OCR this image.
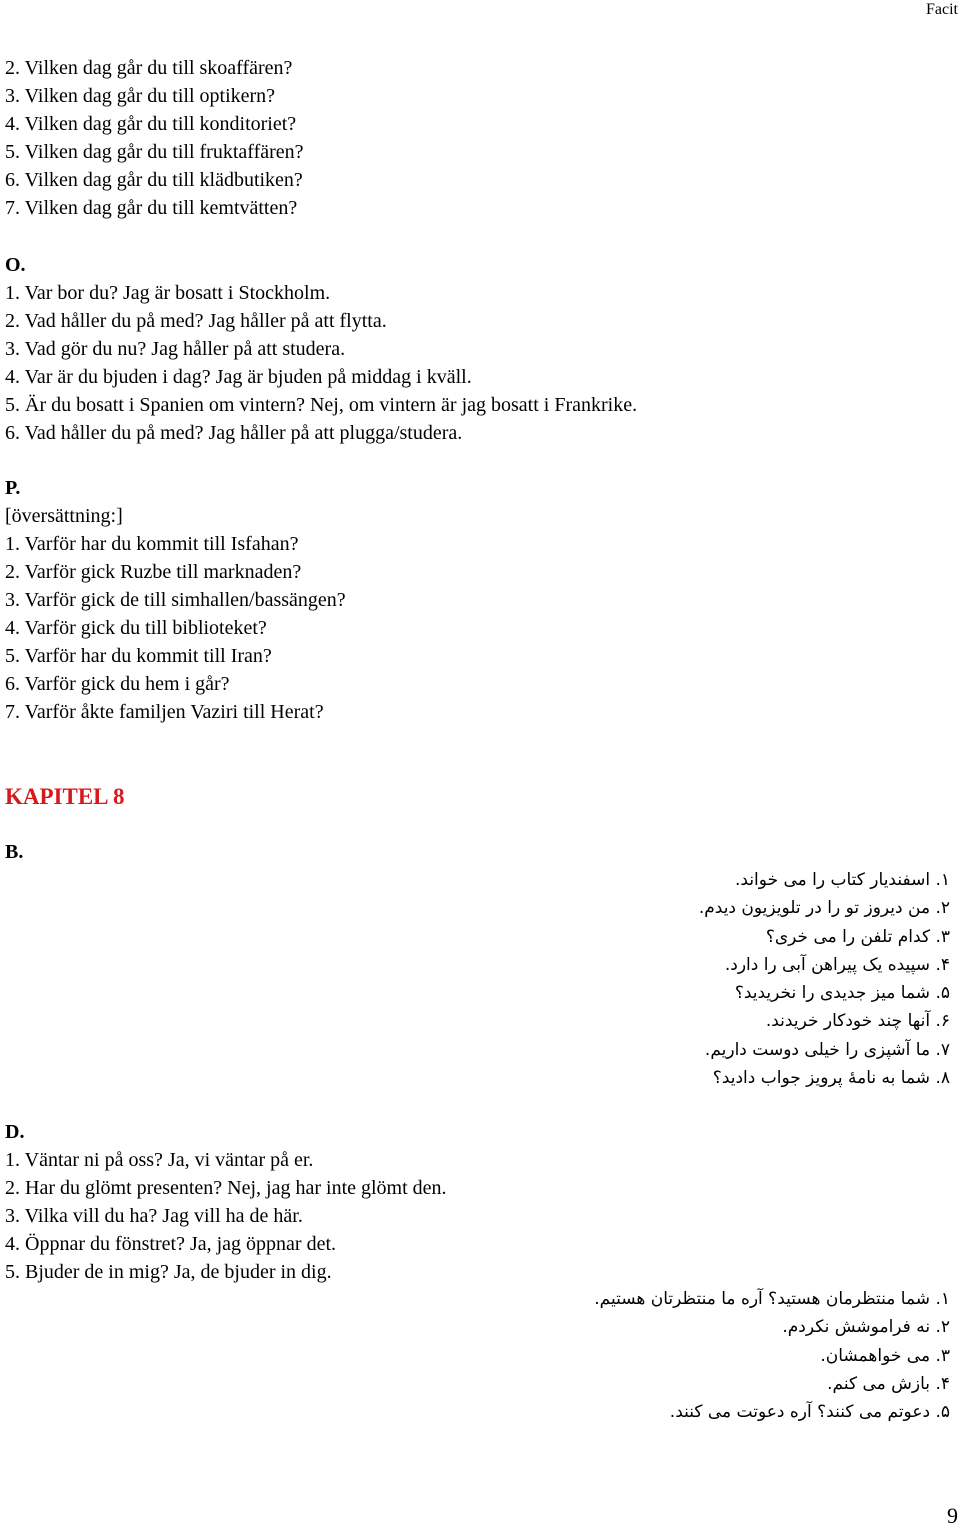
Facit
2. Vilken dag går du till skoaffären?
3. Vilken dag går du till optikern?
4. Vilken dag går du till konditoriet?
5. Vilken dag går du till fruktaffären?
6. Vilken dag går du till klädbutiken?
7. Vilken dag går du till kemtvätten?
O.
1. Var bor du? Jag är bosatt i Stockholm.
2. Vad håller du på med? Jag håller på att flytta.
3. Vad gör du nu? Jag håller på att studera.
4. Var är du bjuden i dag? Jag är bjuden på middag i kväll.
5. Är du bosatt i Spanien om vintern? Nej, om vintern är jag bosatt i Frankrike.
6. Vad håller du på med? Jag håller på att plugga/studera.
P.
[översättning:]
1. Varför har du kommit till Isfahan?
2. Varför gick Ruzbe till marknaden?
3. Varför gick de till simhallen/bassängen?
4. Varför gick du till biblioteket?
5. Varför har du kommit till Iran?
6. Varför gick du hem i går?
7. Varför åkte familjen Vaziri till Herat?
KAPITEL 8
B.
۱. اسفندیار کتاب را می خواند.
۲. من دیروز تو را در تلویزیون دیدم.
۳. کدام تلفن را می خری؟
۴. سپیده یک پیراهن آبی را دارد.
۵. شما میز جدیدی را نخریدید؟
۶. آنها چند خودکار خریدند.
۷. ما آشپزی را خیلی دوست داریم.
۸. شما به نامهٔ پرویز جواب دادید؟
D.
1. Väntar ni på oss? Ja, vi väntar på er.
2. Har du glömt presenten? Nej, jag har inte glömt den.
3. Vilka vill du ha? Jag vill ha de här.
4. Öppnar du fönstret? Ja, jag öppnar det.
5. Bjuder de in mig? Ja, de bjuder in dig.
۱. شما منتظرمان هستید؟ آره ما منتظرتان هستیم.
۲. نه فراموشش نکردم.
۳. می خواهمشان.
۴. بازش می کنم.
۵. دعوتم می کنند؟ آره دعوتت می کنند.
9
